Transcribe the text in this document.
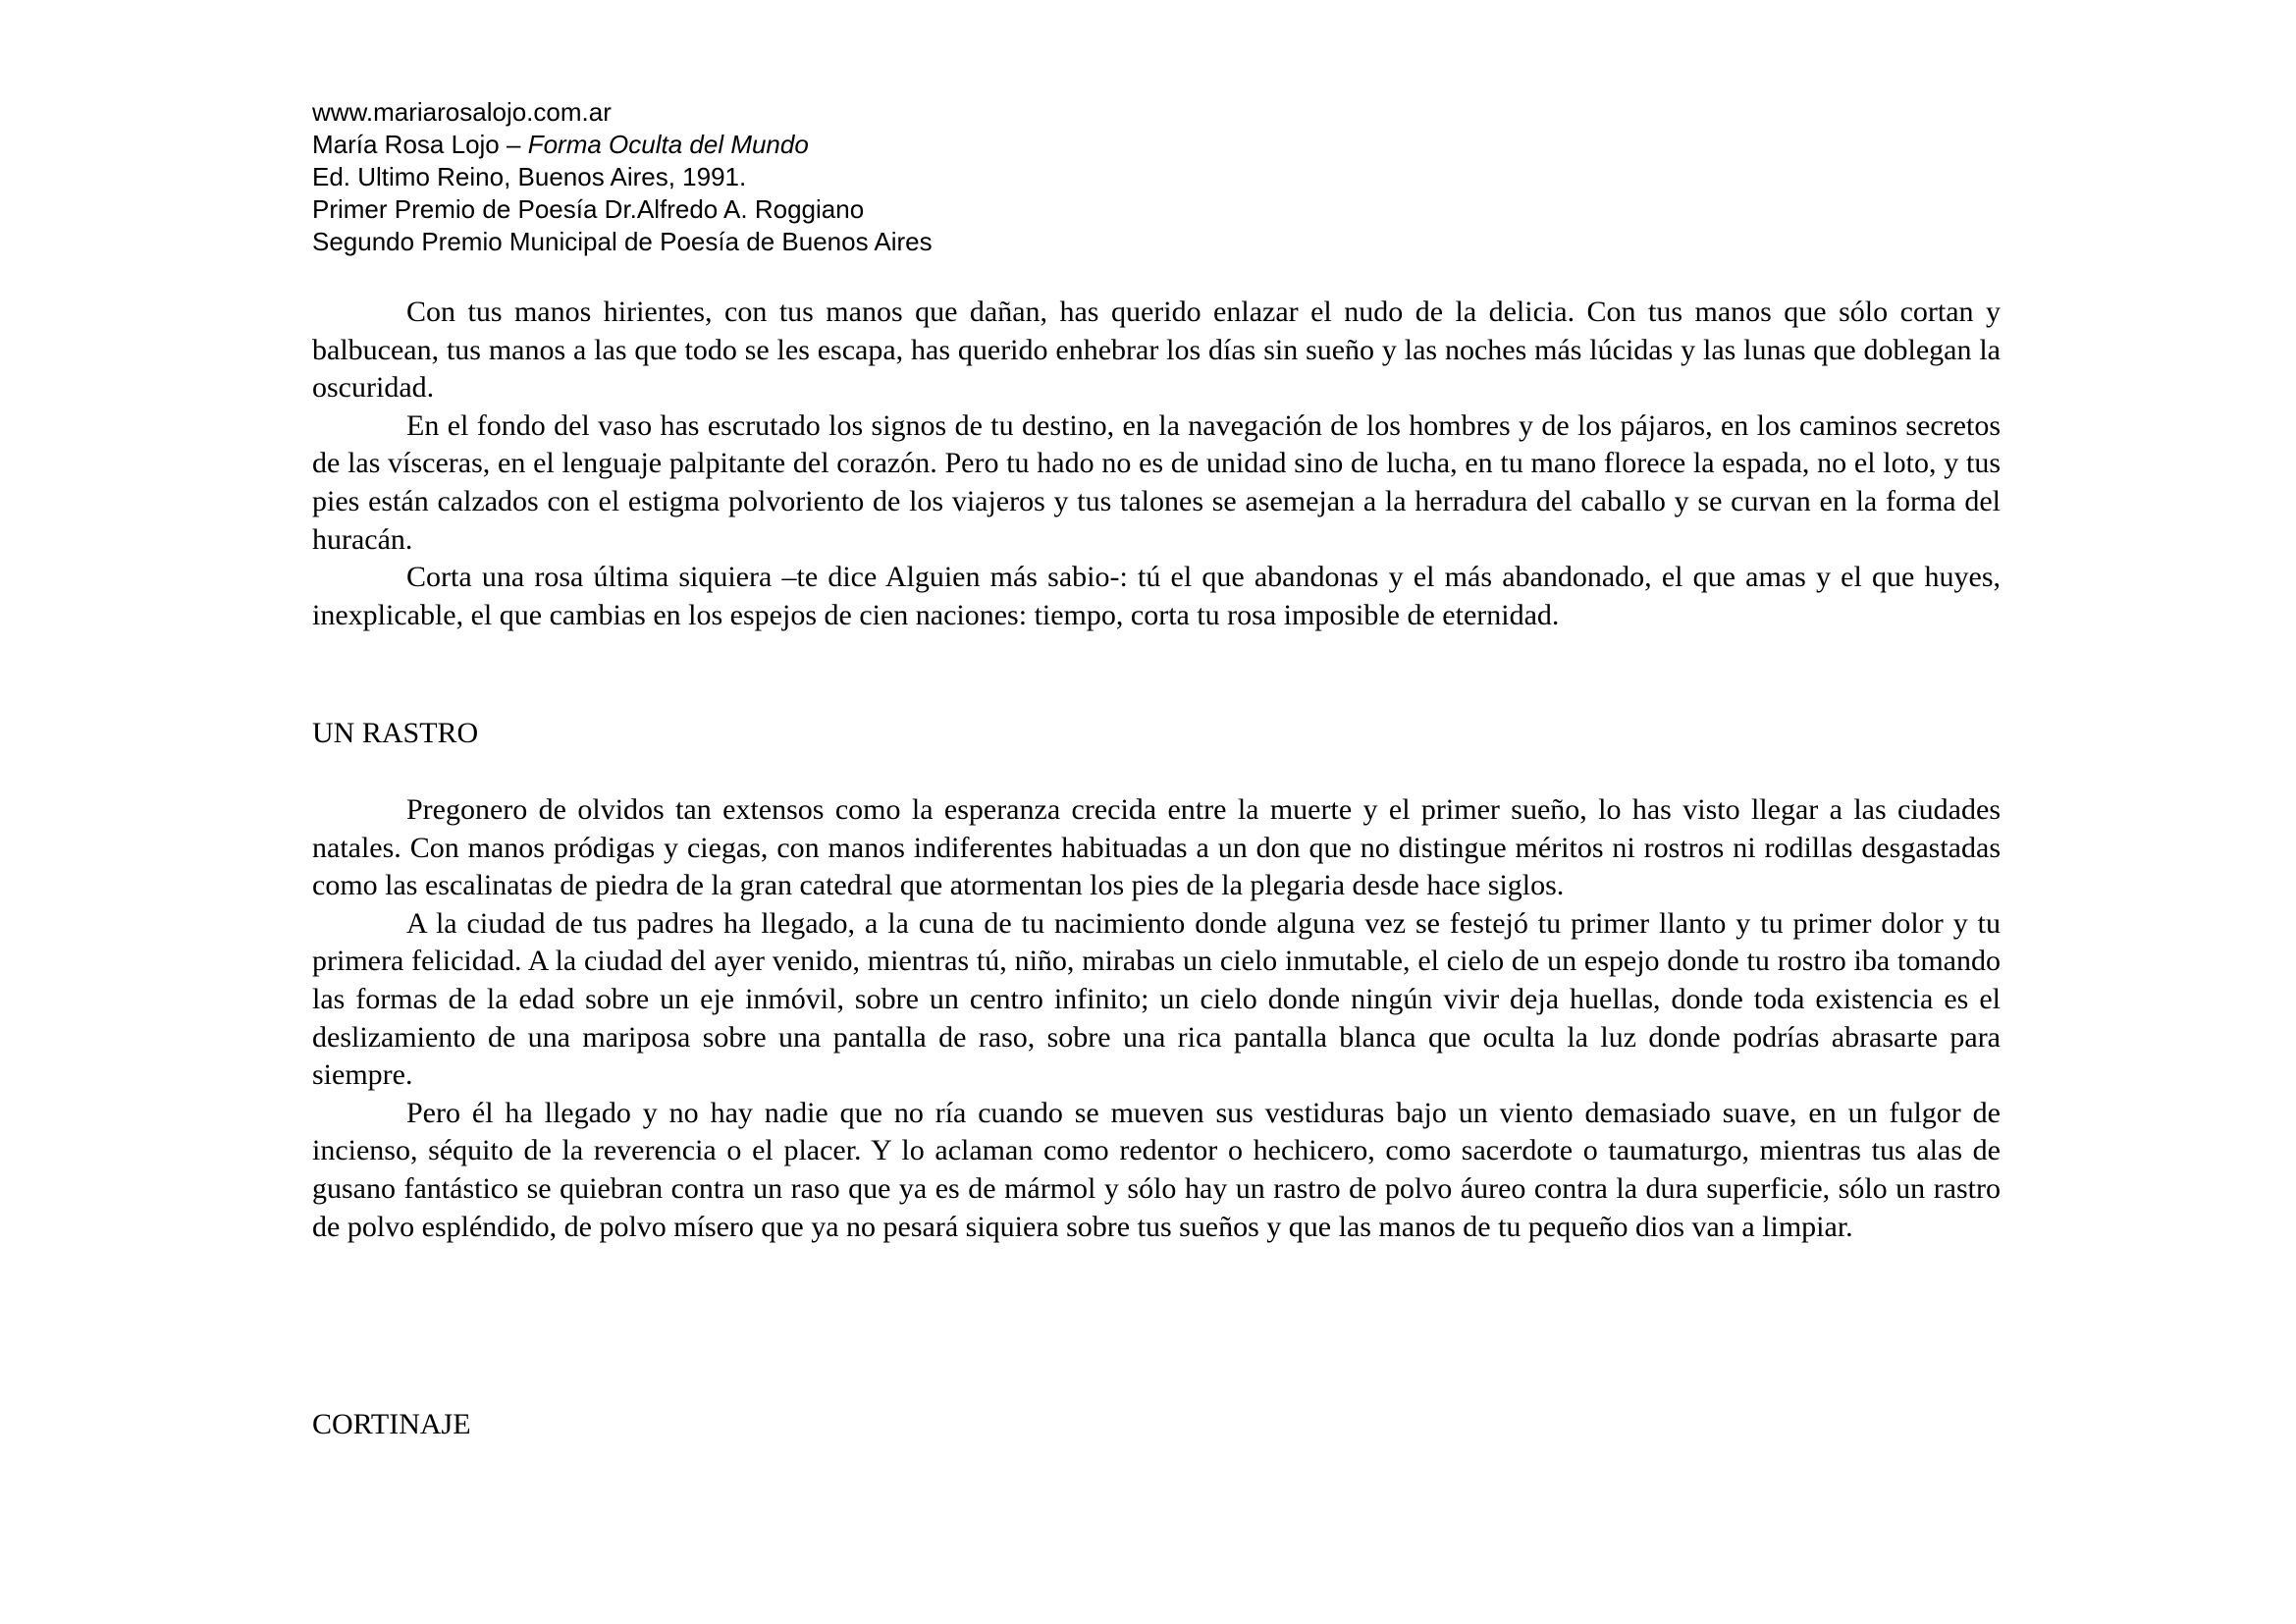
www.mariarosalojo.com.ar
María Rosa Lojo – Forma Oculta del Mundo
Ed. Ultimo Reino, Buenos Aires, 1991.
Primer Premio de Poesía Dr.Alfredo A. Roggiano
Segundo Premio Municipal de Poesía de Buenos Aires

Con tus manos hirientes, con tus manos que dañan, has querido enlazar el nudo de la delicia. Con tus manos que sólo cortan y balbucean, tus manos a las que todo se les escapa, has querido enhebrar los días sin sueño y las noches más lúcidas y las lunas que doblegan la oscuridad.

En el fondo del vaso has escrutado los signos de tu destino, en la navegación de los hombres y de los pájaros, en los caminos secretos de las vísceras, en el lenguaje palpitante del corazón. Pero tu hado no es de unidad sino de lucha, en tu mano florece la espada, no el loto, y tus pies están calzados con el estigma polvoriento de los viajeros y tus talones se asemejan a la herradura del caballo y se curvan en la forma del huracán.

Corta una rosa última siquiera –te dice Alguien más sabio-: tú el que abandonas y el más abandonado, el que amas y el que huyes, inexplicable, el que cambias en los espejos de cien naciones: tiempo, corta tu rosa imposible de eternidad.

UN RASTRO

Pregonero de olvidos tan extensos como la esperanza crecida entre la muerte y el primer sueño, lo has visto llegar a las ciudades natales. Con manos pródigas y ciegas, con manos indiferentes habituadas a un don que no distingue méritos ni rostros ni rodillas desgastadas como las escalinatas de piedra de la gran catedral que atormentan los pies de la plegaria desde hace siglos.

A la ciudad de tus padres ha llegado, a la cuna de tu nacimiento donde alguna vez se festejó tu primer llanto y tu primer dolor y tu primera felicidad. A la ciudad del ayer venido, mientras tú, niño, mirabas un cielo inmutable, el cielo de un espejo donde tu rostro iba tomando las formas de la edad sobre un eje inmóvil, sobre un centro infinito; un cielo donde ningún vivir deja huellas, donde toda existencia es el deslizamiento de una mariposa sobre una pantalla de raso, sobre una rica pantalla blanca que oculta la luz donde podrías abrasarte para siempre.

Pero él ha llegado y no hay nadie que no ría cuando se mueven sus vestiduras bajo un viento demasiado suave, en un fulgor de incienso, séquito de la reverencia o el placer. Y lo aclaman como redentor o hechicero, como sacerdote o taumaturgo, mientras tus alas de gusano fantástico se quiebran contra un raso que ya es de mármol y sólo hay un rastro de polvo áureo contra la dura superficie, sólo un rastro de polvo espléndido, de polvo mísero que ya no pesará siquiera sobre tus sueños y que las manos de tu pequeño dios van a limpiar.

CORTINAJE
